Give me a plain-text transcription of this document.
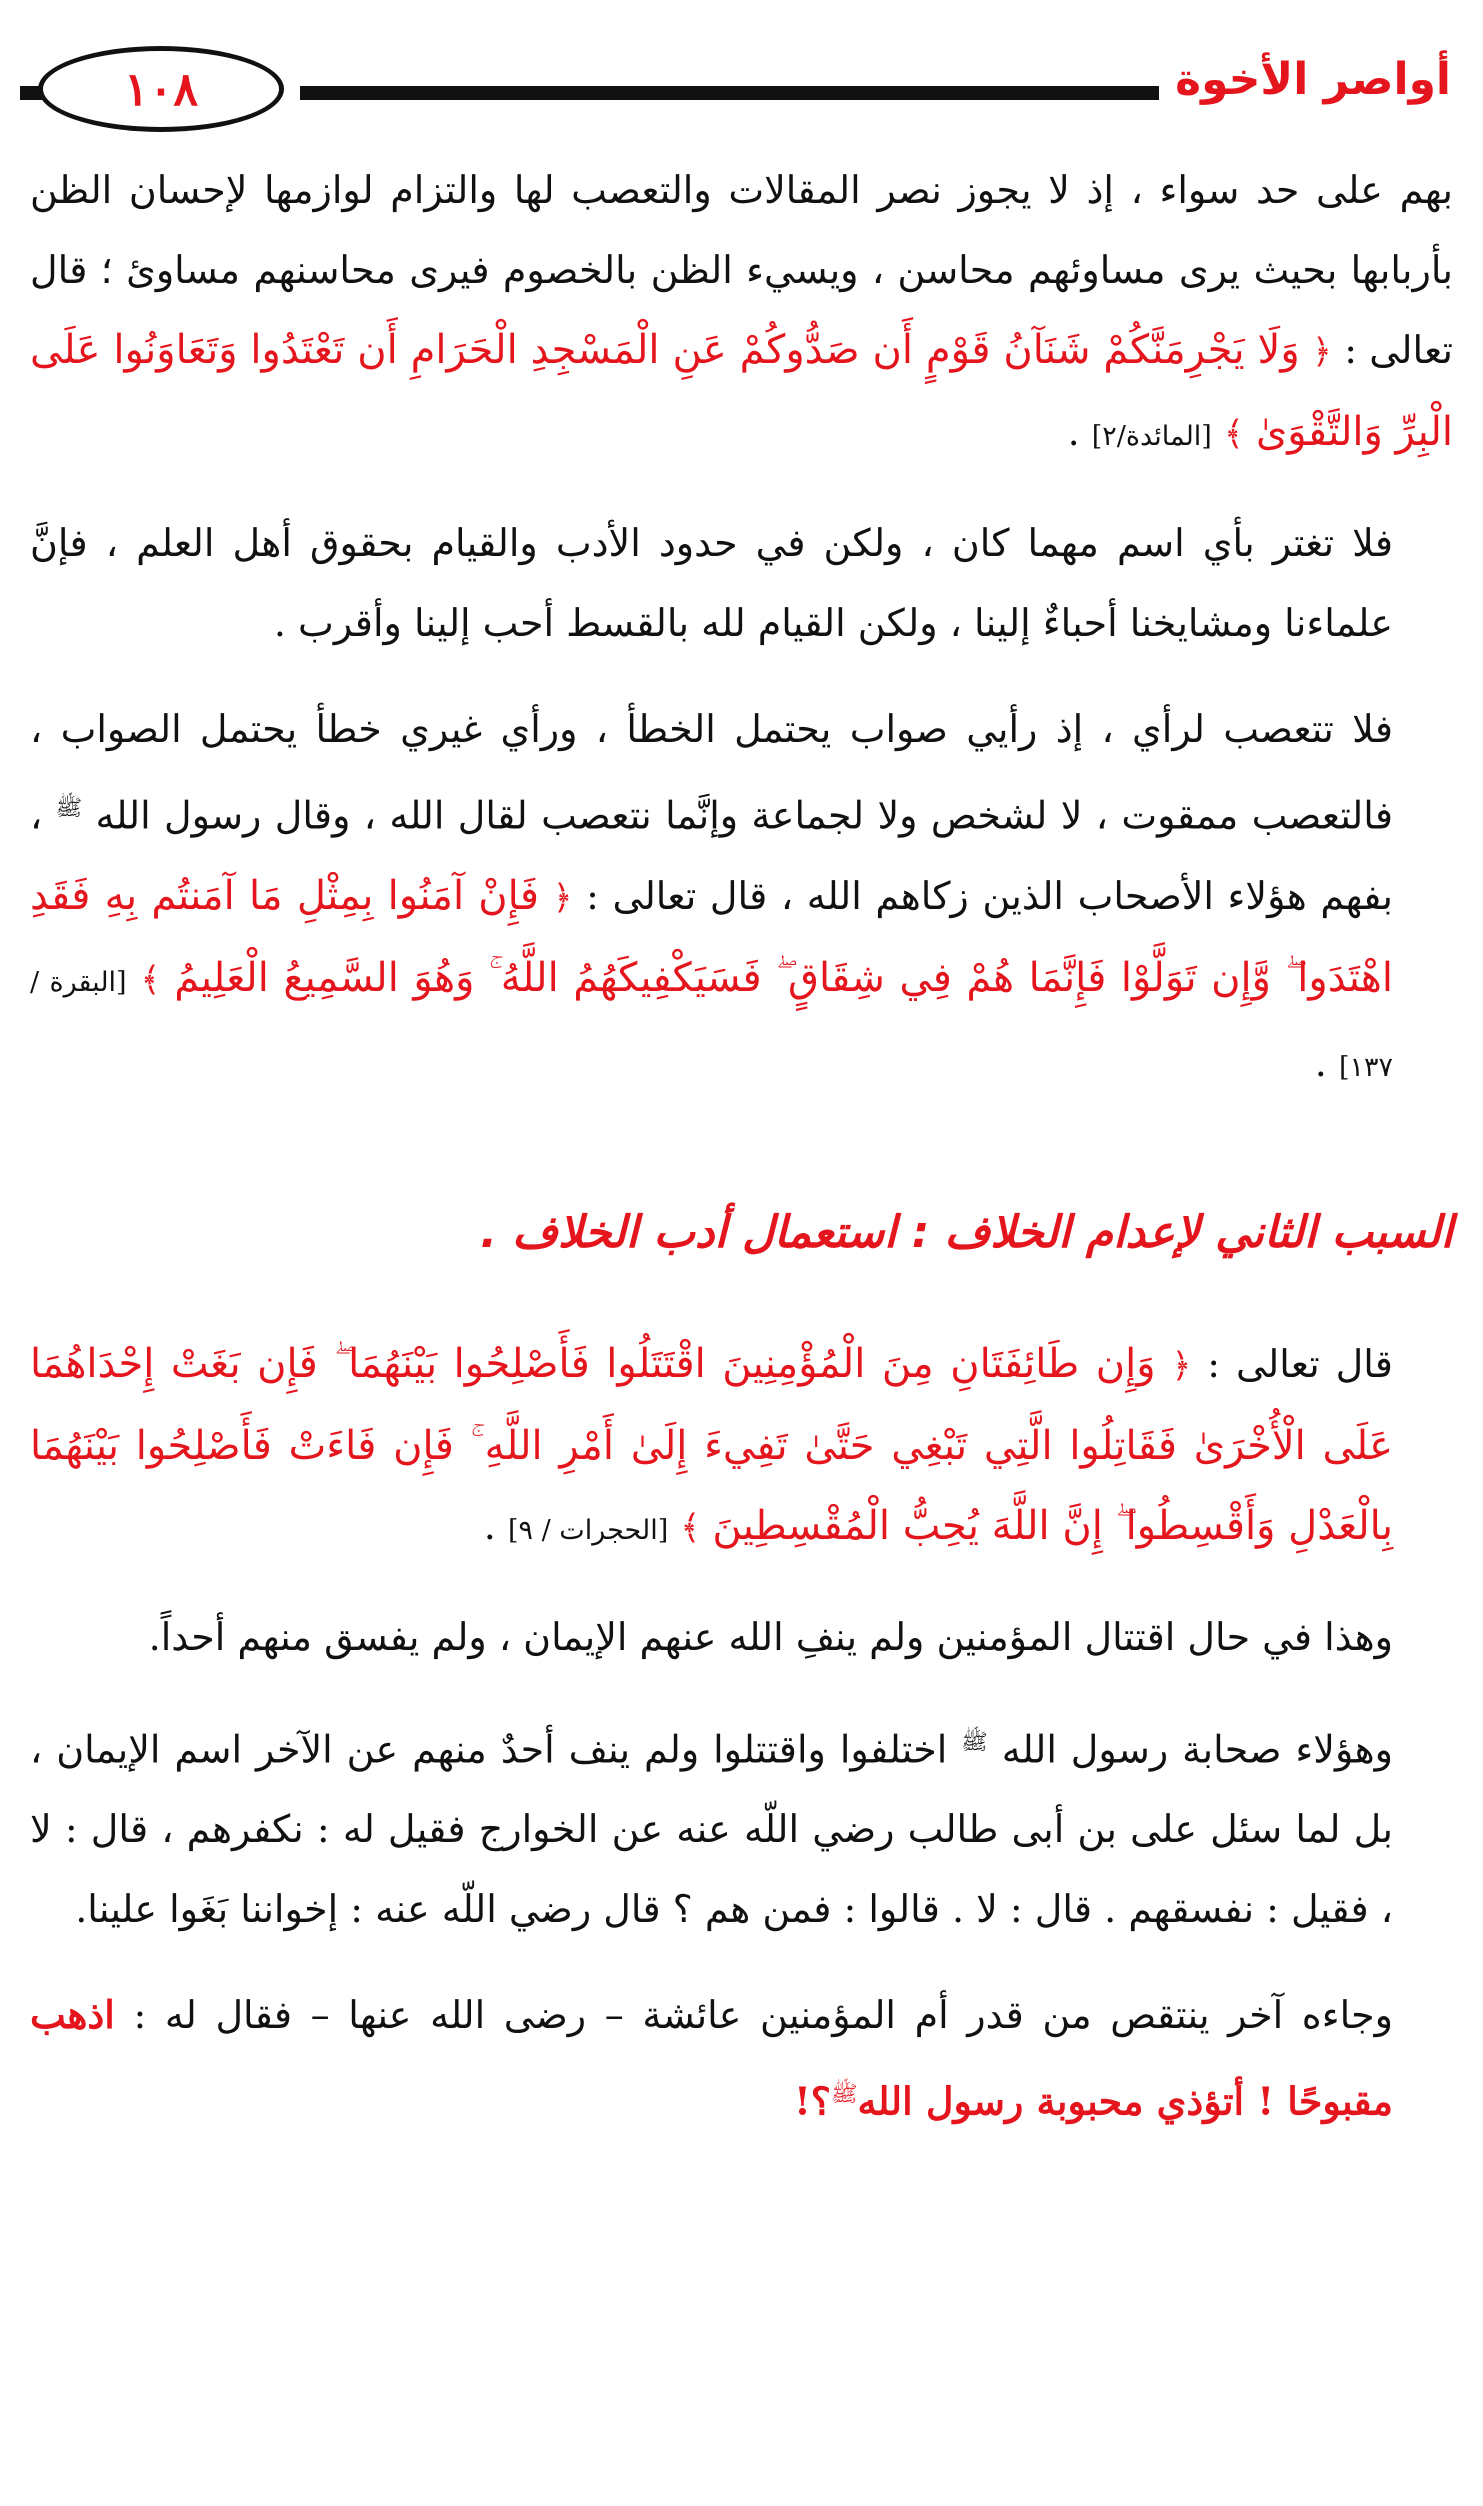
١٠٨	أواصر الأخوة

بهم على حد سواء ، إذ لا يجوز نصر المقالات والتعصب لها والتزام لوازمها لإحسان الظن بأربابها بحيث يرى مساوئهم محاسن ، ويسيء الظن بالخصوم فيرى محاسنهم مساوئ ؛ قال تعالى : ﴿ وَلَا يَجْرِمَنَّكُمْ شَنَآنُ قَوْمٍ أَن صَدُّوكُمْ عَنِ الْمَسْجِدِ الْحَرَامِ أَن تَعْتَدُوا وَتَعَاوَنُوا عَلَى الْبِرِّ وَالتَّقْوَىٰ ﴾ [المائدة/٢] .

فلا تغتر بأي اسم مهما كان ، ولكن في حدود الأدب والقيام بحقوق أهل العلم ، فإنَّ علماءنا ومشايخنا أحباءٌ إلينا ، ولكن القيام لله بالقسط أحب إلينا وأقرب .

فلا تتعصب لرأي ، إذ رأيي صواب يحتمل الخطأ ، ورأي غيري خطأ يحتمل الصواب ، فالتعصب ممقوت ، لا لشخص ولا لجماعة وإنَّما نتعصب لقال الله ، وقال رسول الله $^ﷺ$ ، بفهم هؤلاء الأصحاب الذين زكاهم الله ، قال تعالى : ﴿ فَإِنْ آمَنُوا بِمِثْلِ مَا آمَنتُم بِهِ فَقَدِ اهْتَدَوا ۖ وَّإِن تَوَلَّوْا فَإِنَّمَا هُمْ فِي شِقَاقٍ ۖ فَسَيَكْفِيكَهُمُ اللَّهُ ۚ وَهُوَ السَّمِيعُ الْعَلِيمُ ﴾ [البقرة / ١٣٧] .

السبب الثاني لإعدام الخلاف : استعمال أدب الخلاف .

قال تعالى : ﴿ وَإِن طَائِفَتَانِ مِنَ الْمُؤْمِنِينَ اقْتَتَلُوا فَأَصْلِحُوا بَيْنَهُمَا ۖ فَإِن بَغَتْ إِحْدَاهُمَا عَلَى الْأُخْرَىٰ فَقَاتِلُوا الَّتِي تَبْغِي حَتَّىٰ تَفِيءَ إِلَىٰ أَمْرِ اللَّهِ ۚ فَإِن فَاءَتْ فَأَصْلِحُوا بَيْنَهُمَا بِالْعَدْلِ وَأَقْسِطُوا ۖ إِنَّ اللَّهَ يُحِبُّ الْمُقْسِطِينَ ﴾ [الحجرات / ٩] .

وهذا في حال اقتتال المؤمنين ولم ينفِ الله عنهم الإيمان ، ولم يفسق منهم أحداً.

وهؤلاء صحابة رسول الله $^ﷺ$ اختلفوا واقتتلوا ولم ينف أحدٌ منهم عن الآخر اسم الإيمان ، بل لما سئل على بن أبى طالب رضي اللّه عنه عن الخوارج فقيل له : نكفرهم ، قال : لا ، فقيل : نفسقهم . قال : لا . قالوا : فمن هم ؟ قال رضي اللّه عنه : إخواننا بَغَوا علينا.

وجاءه آخر ينتقص من قدر أم المؤمنين عائشة – رضى الله عنها – فقال له : اذهب مقبوحًا ! أتؤذي محبوبة رسول الله$^ﷺ$؟!
